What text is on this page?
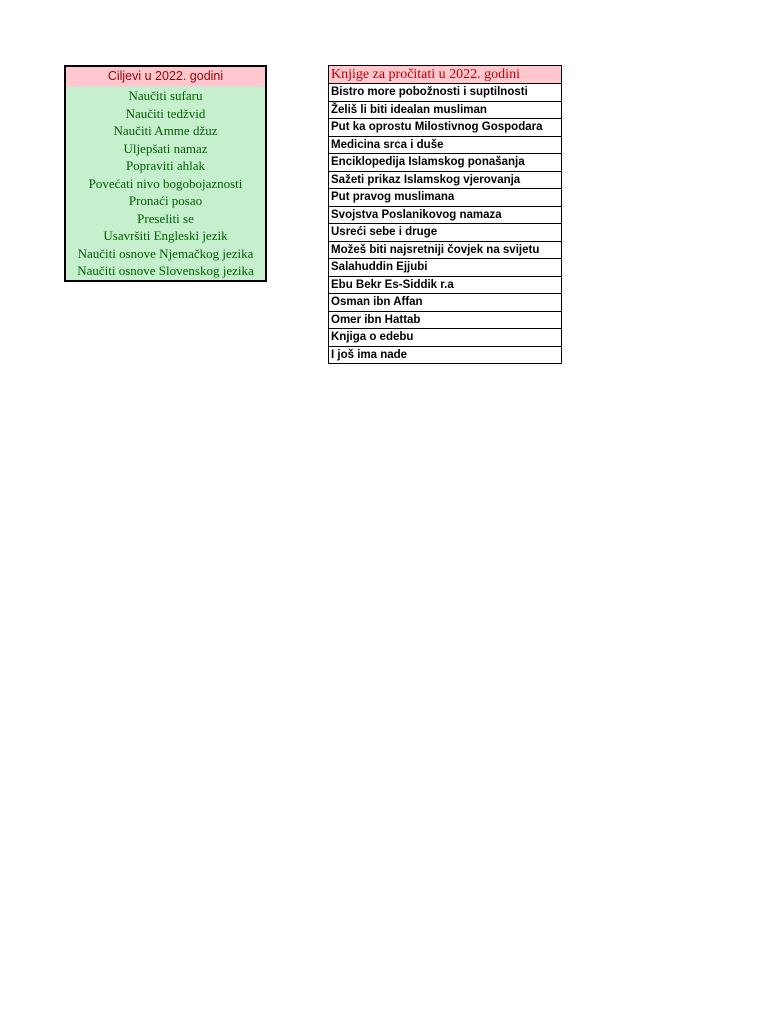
Ciljevi u 2022. godini
Naučiti sufaru
Naučiti tedžvid
Naučiti Amme džuz
Uljepšati namaz
Popraviti ahlak
Povećati nivo bogobojaznosti
Pronaći posao
Preseliti se
Usavršiti Engleski jezik
Naučiti osnove Njemačkog jezika
Naučiti osnove Slovenskog jezika
Knjige za pročitati u 2022. godini
Bistro more pobožnosti i suptilnosti
Želiš li biti idealan musliman
Put ka oprostu Milostivnog Gospodara
Medicina srca i duše
Enciklopedija Islamskog ponašanja
Sažeti prikaz Islamskog vjerovanja
Put pravog muslimana
Svojstva Poslanikovog namaza
Usreći sebe i druge
Možeš biti najsretniji čovjek na svijetu
Salahuddin Ejjubi
Ebu Bekr Es-Siddik r.a
Osman ibn Affan
Omer ibn Hattab
Knjiga o edebu
I još ima nade
